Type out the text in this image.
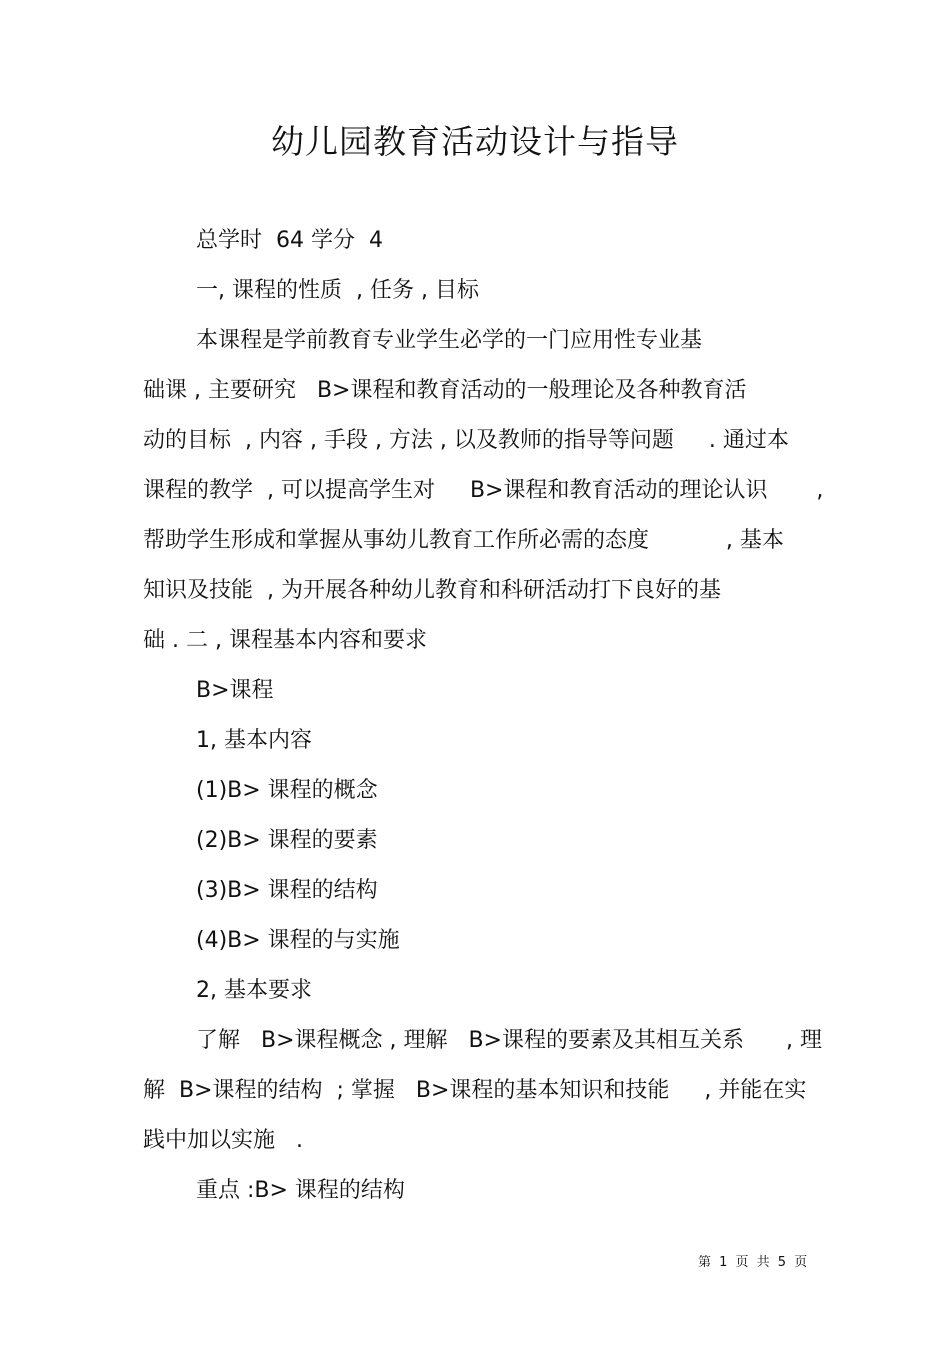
幼儿园教育活动设计与指导
总学时  64 学分  4
一, 课程的性质  , 任务 , 目标
本课程是学前教育专业学生必学的一门应用性专业基
础课 , 主要研究   B>课程和教育活动的一般理论及各种教育活
动的目标  , 内容 , 手段 , 方法 , 以及教师的指导等问题     . 通过本
课程的教学  , 可以提高学生对     B>课程和教育活动的理论认识       ,
帮助学生形成和掌握从事幼儿教育工作所必需的态度           , 基本
知识及技能  , 为开展各种幼儿教育和科研活动打下良好的基
础 . 二 , 课程基本内容和要求
B>课程
1, 基本内容
(1)B> 课程的概念
(2)B> 课程的要素
(3)B> 课程的结构
(4)B> 课程的与实施
2, 基本要求
了解   B>课程概念 , 理解   B>课程的要素及其相互关系      , 理
解  B>课程的结构  ; 掌握   B>课程的基本知识和技能     , 并能在实
践中加以实施   .
重点 :B> 课程的结构
第 1 页 共 5 页
